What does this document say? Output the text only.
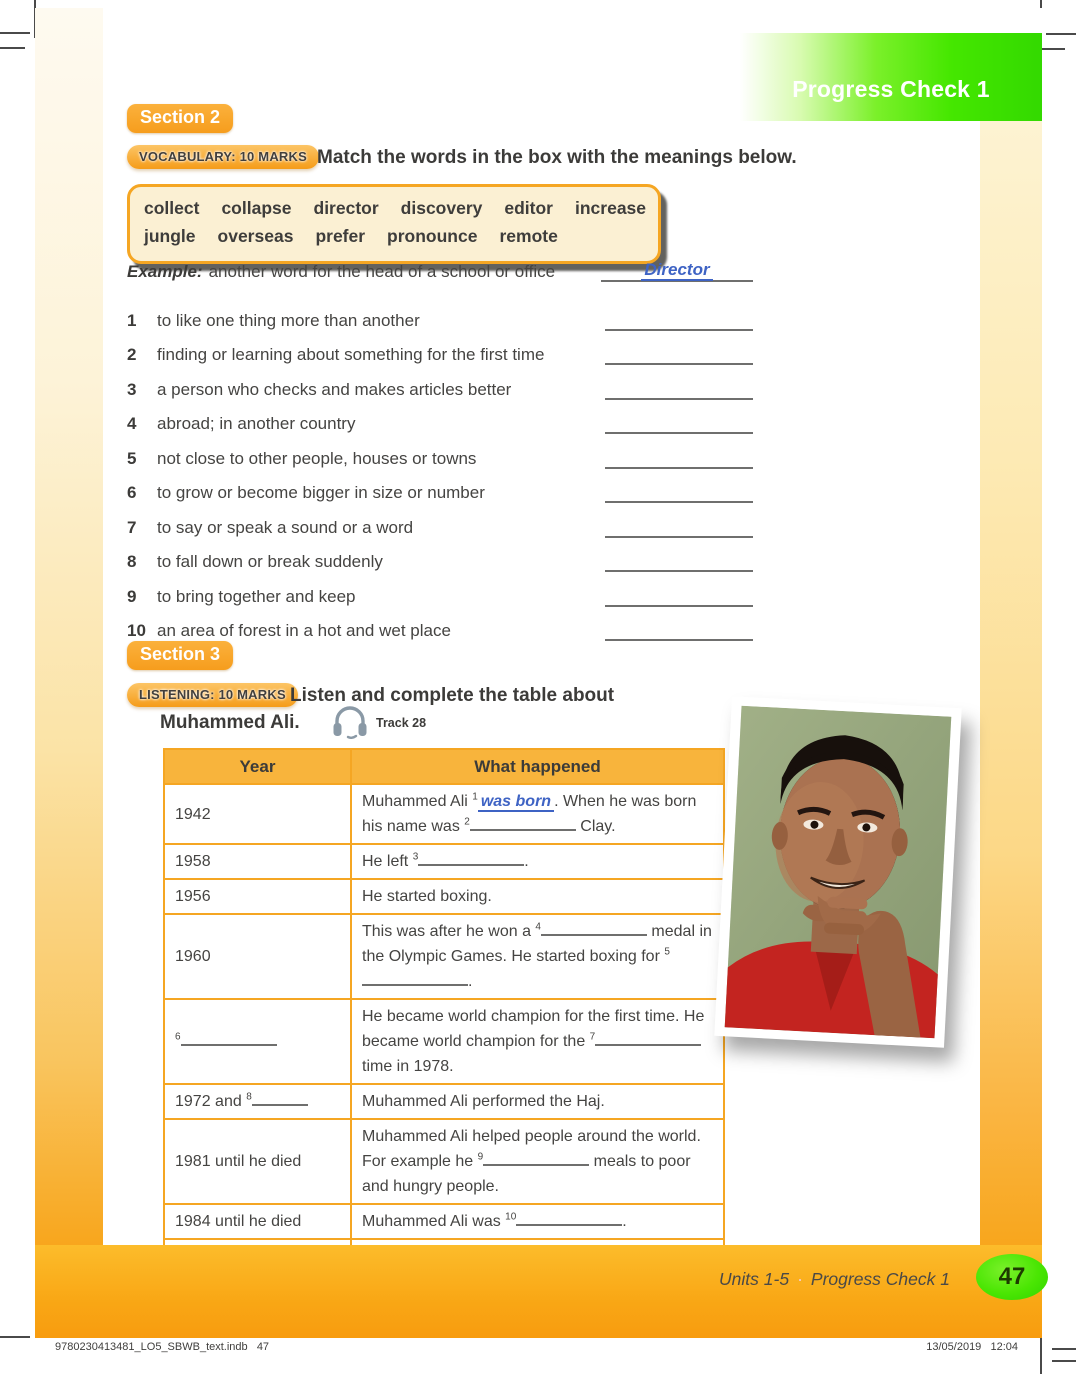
Progress Check 1
Section 2
VOCABULARY: 10 MARKS Match the words in the box with the meanings below.
collect collapse director discovery editor increase
jungle overseas prefer pronounce remote
Example: another word for the head of a school or office	Director
1	to like one thing more than another
2	finding or learning about something for the first time
3	a person who checks and makes articles better
4	abroad; in another country
5	not close to other people, houses or towns
6	to grow or become bigger in size or number
7	to say or speak a sound or a word
8	to fall down or break suddenly
9	to bring together and keep
10 an area of forest in a hot and wet place
Section 3
LISTENING: 10 MARKS Listen and complete the table about
Muhammed Ali.	Track 28
Year	What happened
1942	Muhammed Ali $^1$ was born . When he was born his name was $^2$ Clay.
1958	He left $^3$ .
1956	He started boxing.
1960	This was after he won a $^4$ medal in the Olympic Games. He started boxing for $^5$.
$^6$	He became world champion for the first time. He became world champion for the $^7$ time in 1978.
1972 and $^8$	Muhammed Ali performed the Haj.
1981 until he died	Muhammed Ali helped people around the world. For example he $^9$ meals to poor and hungry people.
1984 until he died	Muhammed Ali was $^{10}$ .

Units 1-5 · Progress Check 1 47
9780230413481_LO5_SBWB_text.indb   47	13/05/2019   12:04
